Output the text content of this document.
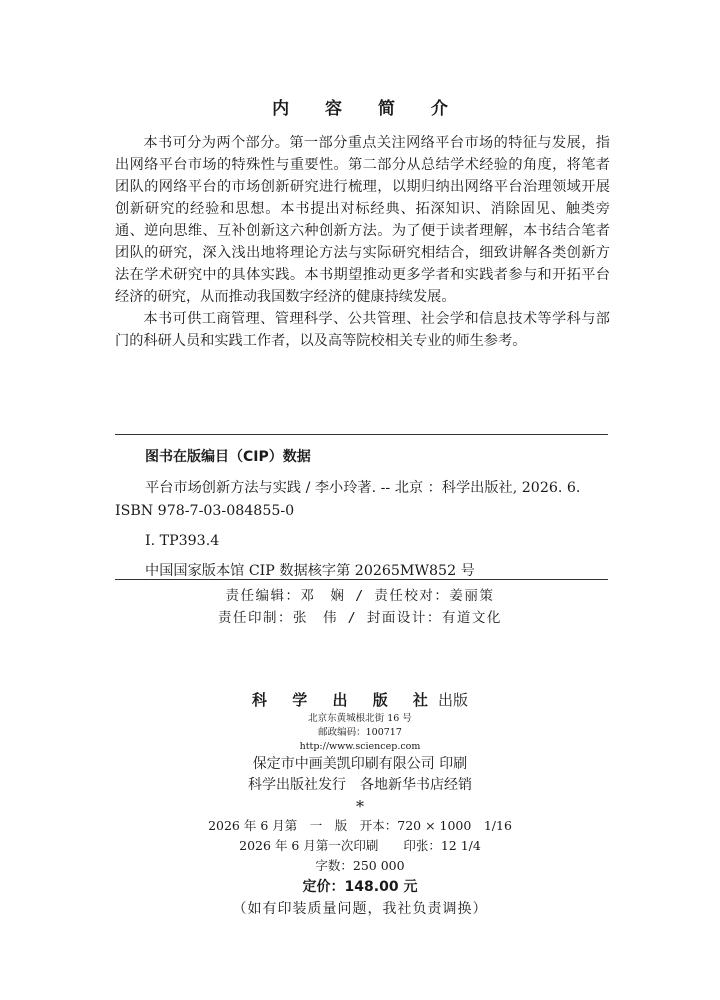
内 容 简 介

本书可分为两个部分。第一部分重点关注网络平台市场的特征与发展，指出网络平台市场的特殊性与重要性。第二部分从总结学术经验的角度，将笔者团队的网络平台的市场创新研究进行梳理，以期归纳出网络平台治理领域开展创新研究的经验和思想。本书提出对标经典、拓深知识、消除固见、触类旁通、逆向思维、互补创新这六种创新方法。为了便于读者理解，本书结合笔者团队的研究，深入浅出地将理论方法与实际研究相结合，细致讲解各类创新方法在学术研究中的具体实践。本书期望推动更多学者和实践者参与和开拓平台经济的研究，从而推动我国数字经济的健康持续发展。

本书可供工商管理、管理科学、公共管理、社会学和信息技术等学科与部门的科研人员和实践工作者，以及高等院校相关专业的师生参考。

图书在版编目（CIP）数据
平台市场创新方法与实践 / 李小玲著. -- 北京 ：科学出版社, 2026. 6.
ISBN 978-7-03-084855-0
Ⅰ. TP393.4
中国国家版本馆 CIP 数据核字第 20265MW852 号
责任编辑：邓　娴 / 责任校对：姜丽策
责任印制：张　伟 / 封面设计：有道文化
科 学 出 版 社出版
北京东黄城根北街 16 号
邮政编码：100717
http://www.sciencep.com
保定市中画美凯印刷有限公司 印刷
科学出版社发行　各地新华书店经销
*
2026 年 6 月第　一　版　开本：720 × 1000　1/16
2026 年 6 月第一次印刷　　印张：12 1/4
字数：250 000
定价：148.00 元
（如有印装质量问题，我社负责调换）
